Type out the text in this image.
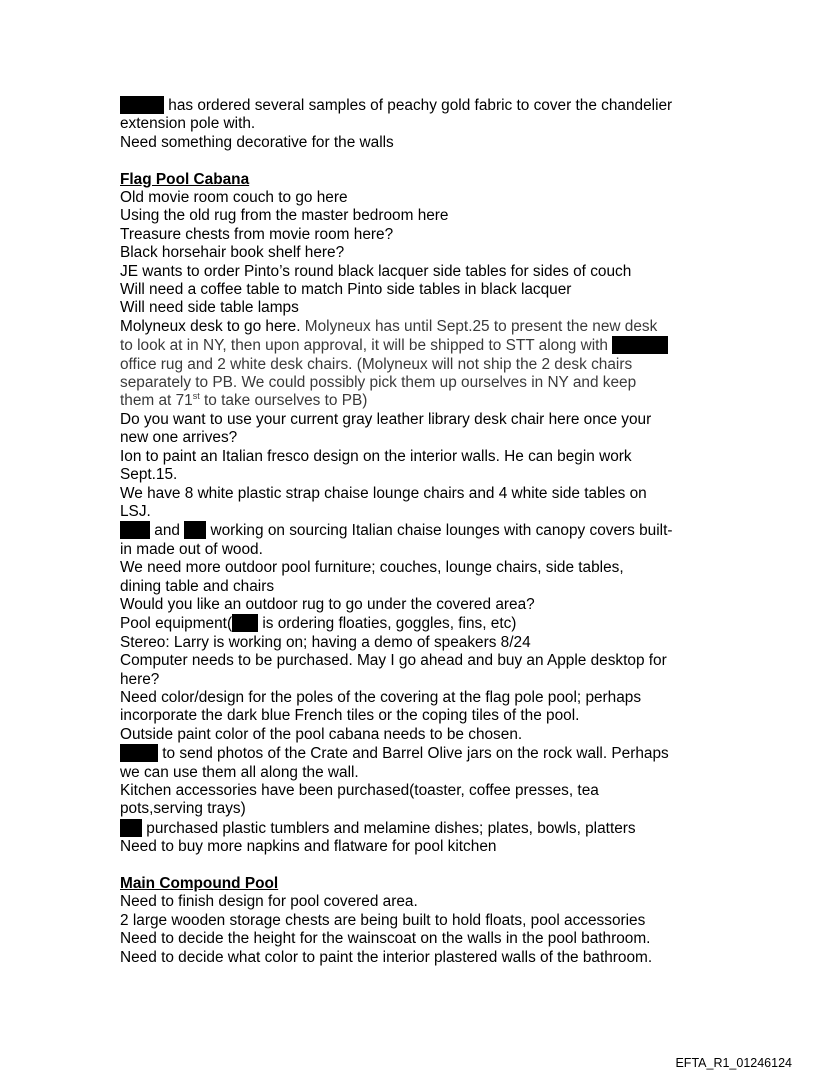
has ordered several samples of peachy gold fabric to cover the chandelier
extension pole with.
Need something decorative for the walls
Flag Pool Cabana
Old movie room couch to go here
Using the old rug from the master bedroom here
Treasure chests from movie room here?
Black horsehair book shelf here?
JE wants to order Pinto’s round black lacquer side tables for sides of couch
Will need a coffee table to match Pinto side tables in black lacquer
Will need side table lamps
Molyneux desk to go here. Molyneux has until Sept.25 to present the new desk
to look at in NY, then upon approval, it will be shipped to STT along with
office rug and 2 white desk chairs. (Molyneux will not ship the 2 desk chairs
separately to PB. We could possibly pick them up ourselves in NY and keep
them at 71st to take ourselves to PB)
Do you want to use your current gray leather library desk chair here once your
new one arrives?
Ion to paint an Italian fresco design on the interior walls. He can begin work
Sept.15.
We have 8 white plastic strap chaise lounge chairs and 4 white side tables on
LSJ.
and  working on sourcing Italian chaise lounges with canopy covers built-
in made out of wood.
We need more outdoor pool furniture; couches, lounge chairs, side tables,
dining table and chairs
Would you like an outdoor rug to go under the covered area?
Pool equipment( is ordering floaties, goggles, fins, etc)
Stereo: Larry is working on; having a demo of speakers 8/24
Computer needs to be purchased. May I go ahead and buy an Apple desktop for
here?
Need color/design for the poles of the covering at the flag pole pool; perhaps
incorporate the dark blue French tiles or the coping tiles of the pool.
Outside paint color of the pool cabana needs to be chosen.
to send photos of the Crate and Barrel Olive jars on the rock wall. Perhaps
we can use them all along the wall.
Kitchen accessories have been purchased(toaster, coffee presses, tea
pots,serving trays)
purchased plastic tumblers and melamine dishes; plates, bowls, platters
Need to buy more napkins and flatware for pool kitchen
Main Compound Pool
Need to finish design for pool covered area.
2 large wooden storage chests are being built to hold floats, pool accessories
Need to decide the height for the wainscoat on the walls in the pool bathroom.
Need to decide what color to paint the interior plastered walls of the bathroom.
EFTA_R1_01246124
